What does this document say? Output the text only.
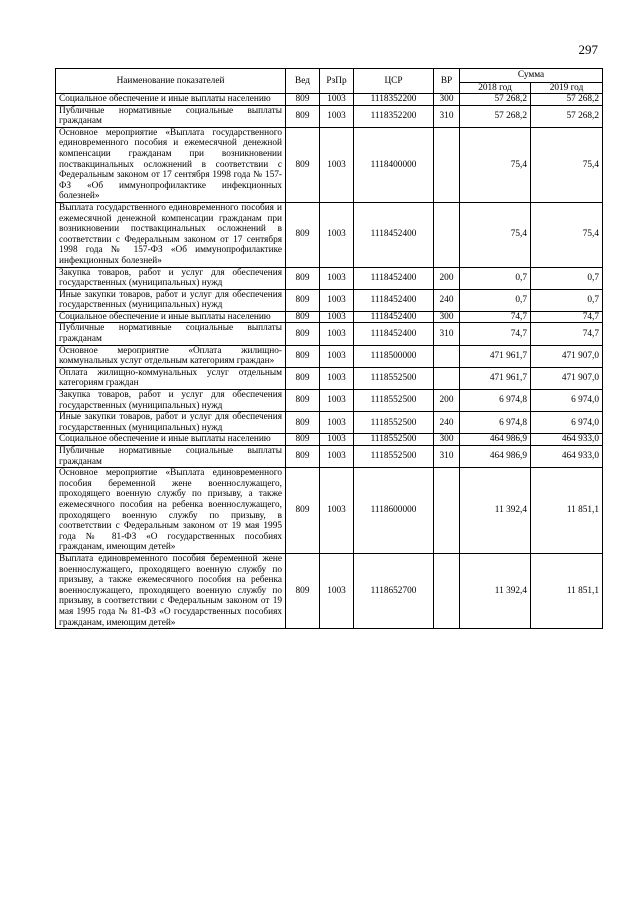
297
Наименование показателей	Вед	РзПр	ЦСР	ВР	Сумма	
					2018 год	2019 год
Социальное обеспечение и иные выплаты населению	809	1003	1118352200	300	57 268,2	57 268,2
Публичные нормативные социальные выплаты гражданам	809	1003	1118352200	310	57 268,2	57 268,2
Основное мероприятие «Выплата государственного единовременного пособия и ежемесячной денежной компенсации гражданам при возникновении поствакцинальных осложнений в соответствии с Федеральным законом от 17 сентября 1998 года № 157-ФЗ «Об иммунопрофилактике инфекционных болезней»	809	1003	1118400000		75,4	75,4
Выплата государственного единовременного пособия и ежемесячной денежной компенсации гражданам при возникновении поствакцинальных осложнений в соответствии с Федеральным законом от 17 сентября 1998 года № 157-ФЗ «Об иммунопрофилактике инфекционных болезней»	809	1003	1118452400		75,4	75,4
Закупка товаров, работ и услуг для обеспечения государственных (муниципальных) нужд	809	1003	1118452400	200	0,7	0,7
Иные закупки товаров, работ и услуг для обеспечения государственных (муниципальных) нужд	809	1003	1118452400	240	0,7	0,7
Социальное обеспечение и иные выплаты населению	809	1003	1118452400	300	74,7	74,7
Публичные нормативные социальные выплаты гражданам	809	1003	1118452400	310	74,7	74,7
Основное мероприятие «Оплата жилищно-коммунальных услуг отдельным категориям граждан»	809	1003	1118500000		471 961,7	471 907,0
Оплата жилищно-коммунальных услуг отдельным категориям граждан	809	1003	1118552500		471 961,7	471 907,0
Закупка товаров, работ и услуг для обеспечения государственных (муниципальных) нужд	809	1003	1118552500	200	6 974,8	6 974,0
Иные закупки товаров, работ и услуг для обеспечения государственных (муниципальных) нужд	809	1003	1118552500	240	6 974,8	6 974,0
Социальное обеспечение и иные выплаты населению	809	1003	1118552500	300	464 986,9	464 933,0
Публичные нормативные социальные выплаты гражданам	809	1003	1118552500	310	464 986,9	464 933,0
Основное мероприятие «Выплата единовременного пособия беременной жене военнослужащего, проходящего военную службу по призыву, а также ежемесячного пособия на ребенка военнослужащего, проходящего военную службу по призыву, в соответствии с Федеральным законом от 19 мая 1995 года № 81-ФЗ «О государственных пособиях гражданам, имеющим детей»	809	1003	1118600000		11 392,4	11 851,1
Выплата единовременного пособия беременной жене военнослужащего, проходящего военную службу по призыву, а также ежемесячного пособия на ребенка военнослужащего, проходящего военную службу по призыву, в соответствии с Федеральным законом от 19 мая 1995 года № 81-ФЗ «О государственных пособиях гражданам, имеющим детей»	809	1003	1118652700		11 392,4	11 851,1
